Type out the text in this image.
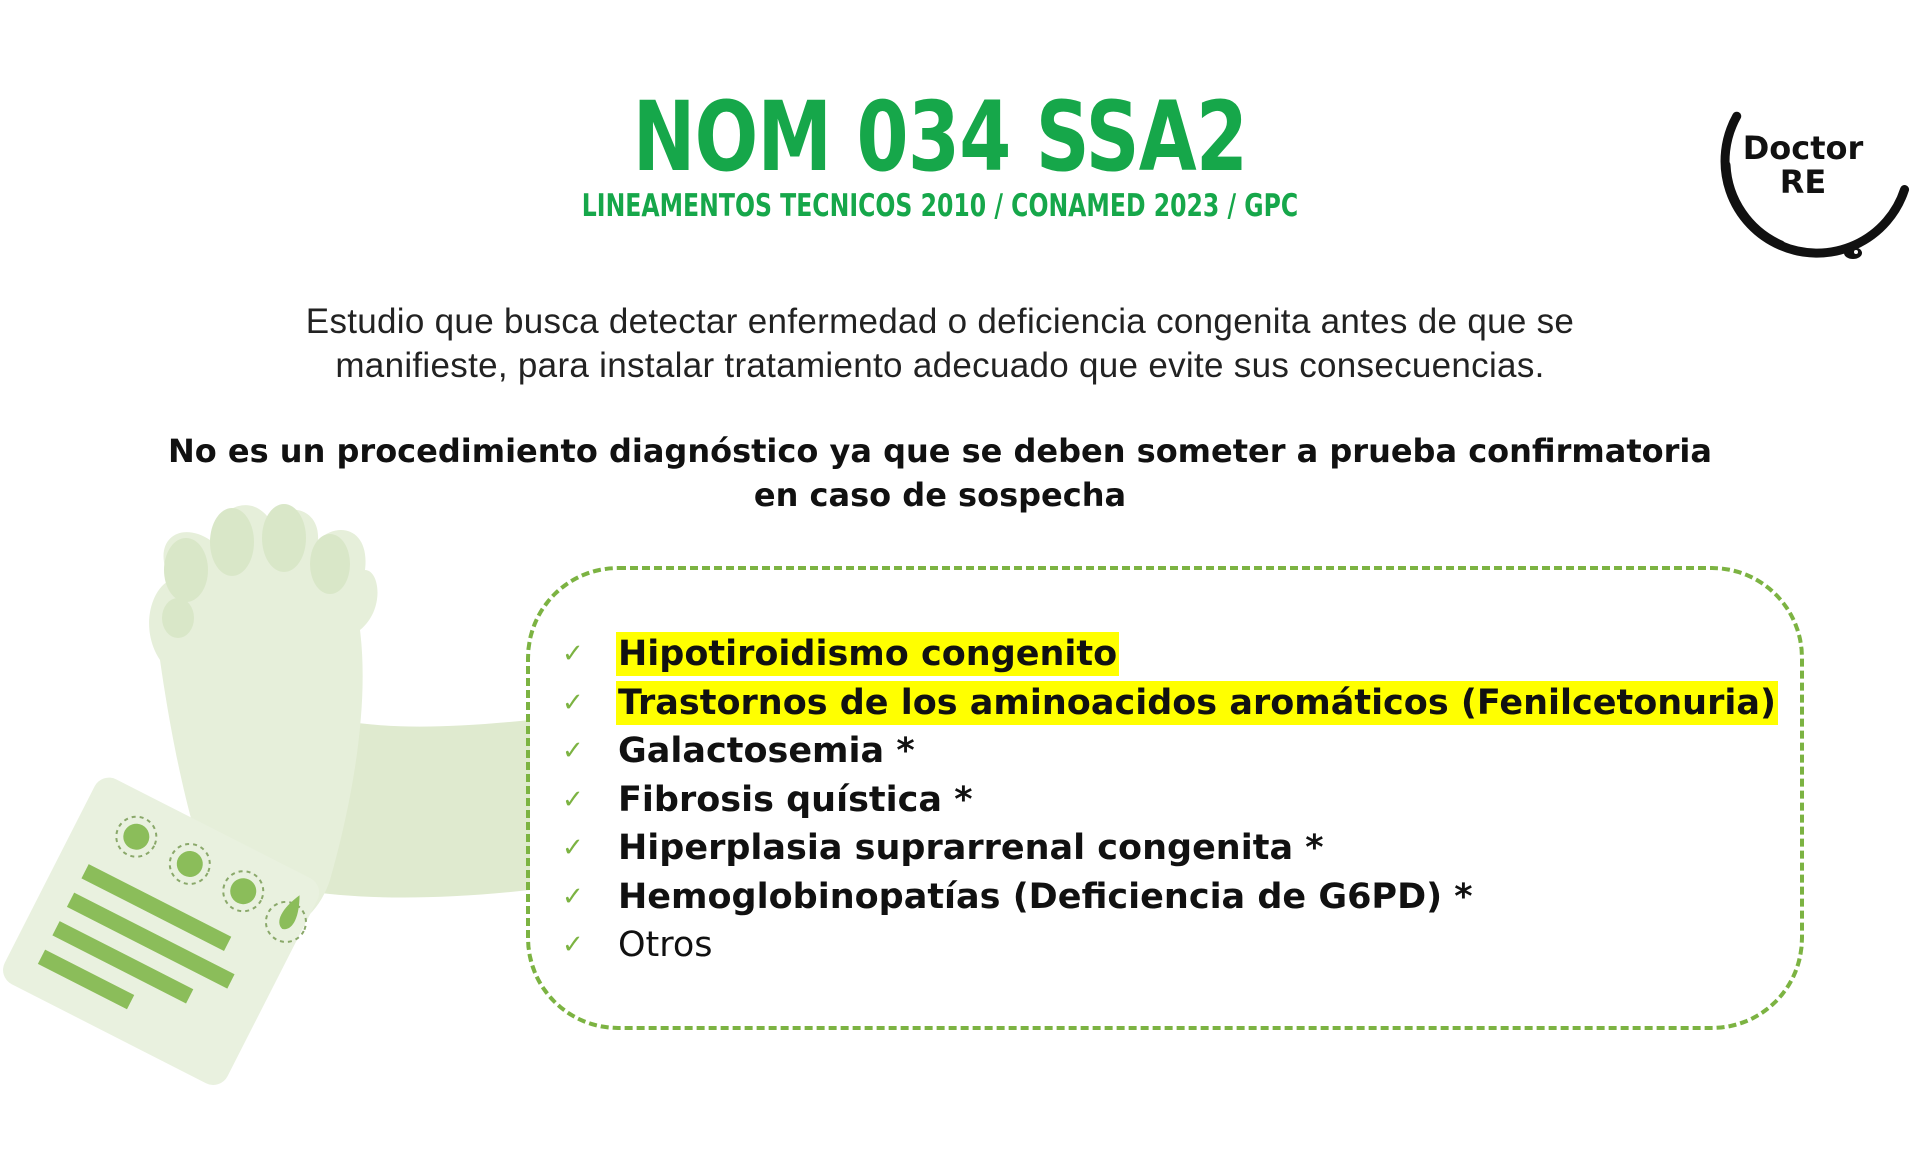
NOM 034 SSA2
LINEAMENTOS TECNICOS 2010 / CONAMED 2023 / GPC
Doctor
RE
Estudio que busca detectar enfermedad o deficiencia congenita antes de que se
manifieste, para instalar tratamiento adecuado que evite sus consecuencias.
No es un procedimiento diagnóstico ya que se deben someter a prueba confirmatoria
en caso de sospecha
✓ Hipotiroidismo congenito
✓ Trastornos de los aminoacidos aromáticos (Fenilcetonuria)
✓ Galactosemia *
✓ Fibrosis quística *
✓ Hiperplasia suprarrenal congenita *
✓ Hemoglobinopatías (Deficiencia de G6PD) *
✓ Otros
